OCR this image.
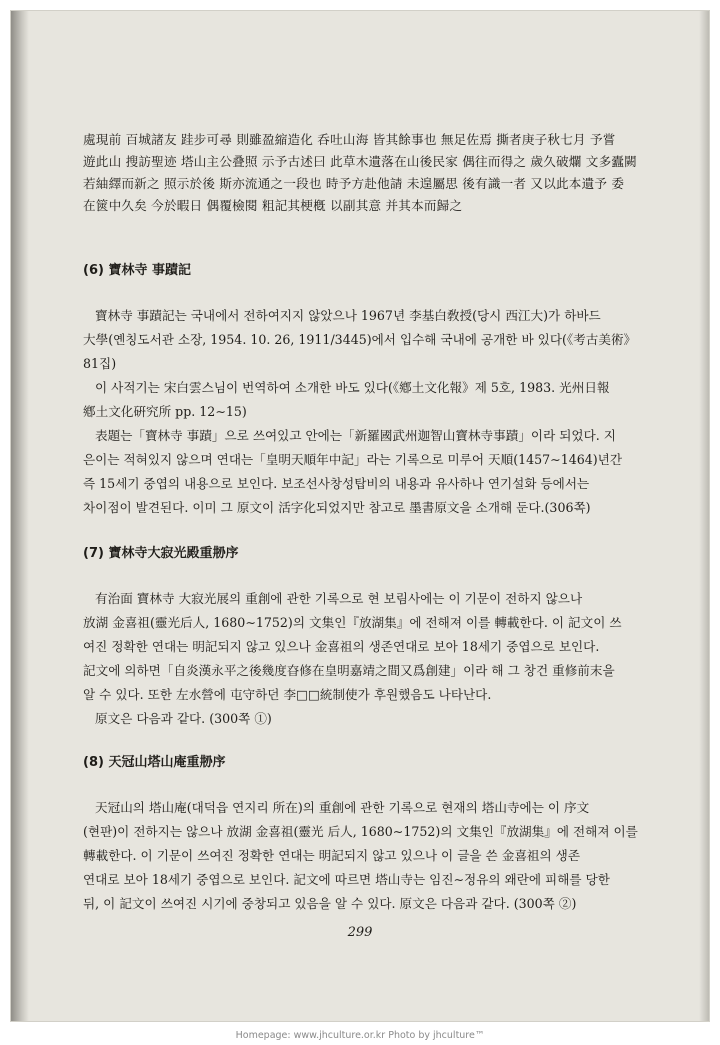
處現前 百城諸友 跬步可尋 則雖盈縮造化 呑吐山海 皆其餘事也 無足佐焉 撕者庚子秋七月 予嘗

遊此山 搜訪聖迹 塔山主公叠照 示予古述曰 此草木遺落在山後民家 偶往而得之 歲久破爛 文多蠹闕

若紬繹而新之 照示於後 斯亦流通之一段也 時予方赴他請 未遑屬思 後有識一者 又以此本遺予 委

在篋中久矣 今於暇日 偶覆檢閱 粗記其梗槪 以副其意 并其本而歸之

(6) 寶林寺 事蹟記

寶林寺 事蹟記는 국내에서 전하여지지 않았으나 1967년 李基白敎授(당시 西江大)가 하바드

大學(옌칭도서관 소장, 1954. 10. 26, 1911/3445)에서 입수해 국내에 공개한 바 있다(《考古美術》

81집)

이 사적기는 宋白雲스님이 번역하여 소개한 바도 있다(《鄕土文化報》제 5호, 1983. 光州日報

鄕土文化硏究所 pp. 12∼15)

表題는「寶林寺 事蹟」으로 쓰여있고 안에는「新羅國武州迦智山寶林寺事蹟」이라 되었다. 지

은이는 적혀있지 않으며 연대는「皇明天順年中記」라는 기록으로 미루어 天順(1457∼1464)년간

즉 15세기 중엽의 내용으로 보인다. 보조선사창성탑비의 내용과 유사하나 연기설화 등에서는

차이점이 발견된다. 이미 그 原文이 活字化되었지만 참고로 墨書原文을 소개해 둔다.(306쪽)

(7) 寶林寺大寂光殿重刱序

有治面 寶林寺 大寂光展의 重創에 관한 기록으로 현 보림사에는 이 기문이 전하지 않으나

放湖 金喜祖(靈光后人, 1680∼1752)의 文集인『放湖集』에 전해져 이를 轉載한다. 이 記文이 쓰

여진 정확한 연대는 明記되지 않고 있으나 金喜祖의 생존연대로 보아 18세기 중엽으로 보인다.

記文에 의하면「自炎漢永平之後幾度昚修在皇明嘉靖之間又爲創建」이라 해 그 창건 重修前末을

알 수 있다. 또한 左水營에 屯守하던 李□□統制使가 후원했음도 나타난다.

原文은 다음과 같다. (300쪽 ①)

(8) 天冠山塔山庵重刱序

天冠山의 塔山庵(대덕읍 연지리 所在)의 重創에 관한 기록으로 현재의 塔山寺에는 이 序文

(현판)이 전하지는 않으나 放湖 金喜祖(靈光 后人, 1680∼1752)의 文集인『放湖集』에 전해져 이를

轉載한다. 이 기문이 쓰여진 정확한 연대는 明記되지 않고 있으나 이 글을 쓴 金喜祖의 생존

연대로 보아 18세기 중엽으로 보인다. 記文에 따르면 塔山寺는 임진∼정유의 왜란에 피해를 당한

뒤, 이 記文이 쓰여진 시기에 중창되고 있음을 알 수 있다. 原文은 다음과 같다. (300쪽 ②)

299
Homepage: www.jhculture.or.kr Photo by jhculture™
